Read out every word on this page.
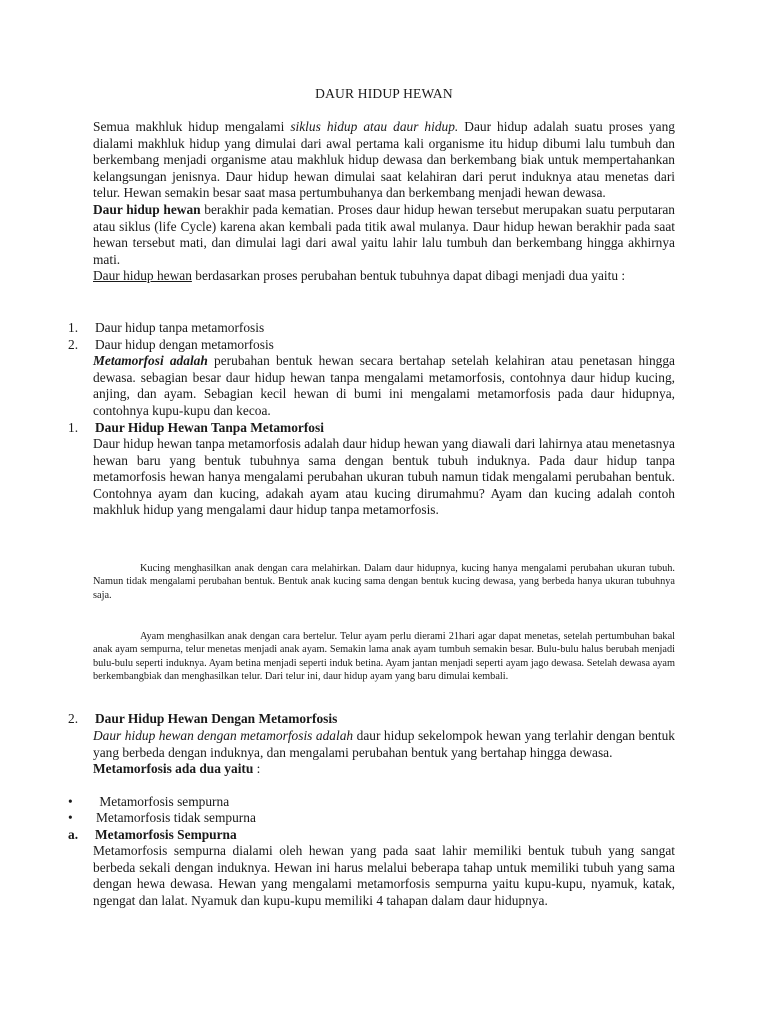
DAUR HIDUP HEWAN

Semua makhluk hidup mengalami siklus hidup atau daur hidup. Daur hidup adalah suatu proses yang dialami makhluk hidup yang dimulai dari awal pertama kali organisme itu hidup dibumi lalu tumbuh dan berkembang menjadi organisme atau makhluk hidup dewasa dan berkembang biak untuk mempertahankan kelangsungan jenisnya. Daur hidup hewan dimulai saat kelahiran dari perut induknya atau menetas dari telur. Hewan semakin besar saat masa pertumbuhanya dan berkembang menjadi hewan dewasa.

Daur hidup hewan berakhir pada kematian. Proses daur hidup hewan tersebut merupakan suatu perputaran atau siklus (life Cycle) karena akan kembali pada titik awal mulanya. Daur hidup hewan berakhir pada saat hewan tersebut mati, dan dimulai lagi dari awal yaitu lahir lalu tumbuh dan berkembang hingga akhirnya mati.

Daur hidup hewan berdasarkan proses perubahan bentuk tubuhnya dapat dibagi menjadi dua yaitu :

1. Daur hidup tanpa metamorfosis
2. Daur hidup dengan metamorfosis

Metamorfosi adalah perubahan bentuk hewan secara bertahap setelah kelahiran atau penetasan hingga dewasa. sebagian besar daur hidup hewan tanpa mengalami metamorfosis, contohnya daur hidup kucing, anjing, dan ayam. Sebagian kecil hewan di bumi ini mengalami metamorfosis pada daur hidupnya, contohnya kupu-kupu dan kecoa.

1. Daur Hidup Hewan Tanpa Metamorfosi

Daur hidup hewan tanpa metamorfosis adalah daur hidup hewan yang diawali dari lahirnya atau menetasnya hewan baru yang bentuk tubuhnya sama dengan bentuk tubuh induknya. Pada daur hidup tanpa metamorfosis hewan hanya mengalami perubahan ukuran tubuh namun tidak mengalami perubahan bentuk. Contohnya ayam dan kucing, adakah ayam atau kucing dirumahmu? Ayam dan kucing adalah contoh makhluk hidup yang mengalami daur hidup tanpa metamorfosis.

Kucing menghasilkan anak dengan cara melahirkan. Dalam daur hidupnya, kucing hanya mengalami perubahan ukuran tubuh. Namun tidak mengalami perubahan bentuk. Bentuk anak kucing sama dengan bentuk kucing dewasa, yang berbeda hanya ukuran tubuhnya saja.

Ayam menghasilkan anak dengan cara bertelur. Telur ayam perlu dierami 21hari agar dapat menetas, setelah pertumbuhan bakal anak ayam sempurna, telur menetas menjadi anak ayam. Semakin lama anak ayam tumbuh semakin besar. Bulu-bulu halus berubah menjadi bulu-bulu seperti induknya. Ayam betina menjadi seperti induk betina. Ayam jantan menjadi seperti ayam jago dewasa. Setelah dewasa ayam berkembangbiak dan menghasilkan telur. Dari telur ini, daur hidup ayam yang baru dimulai kembali.

2. Daur Hidup Hewan Dengan Metamorfosis

Daur hidup hewan dengan metamorfosis adalah daur hidup sekelompok hewan yang terlahir dengan bentuk yang berbeda dengan induknya, dan mengalami perubahan bentuk yang bertahap hingga dewasa.

Metamorfosis ada dua yaitu :

• Metamorfosis sempurna
• Metamorfosis tidak sempurna
a. Metamorfosis Sempurna

Metamorfosis sempurna dialami oleh hewan yang pada saat lahir memiliki bentuk tubuh yang sangat berbeda sekali dengan induknya. Hewan ini harus melalui beberapa tahap untuk memiliki tubuh yang sama dengan hewa dewasa. Hewan yang mengalami metamorfosis sempurna yaitu kupu-kupu, nyamuk, katak, ngengat dan lalat. Nyamuk dan kupu-kupu memiliki 4 tahapan dalam daur hidupnya.
